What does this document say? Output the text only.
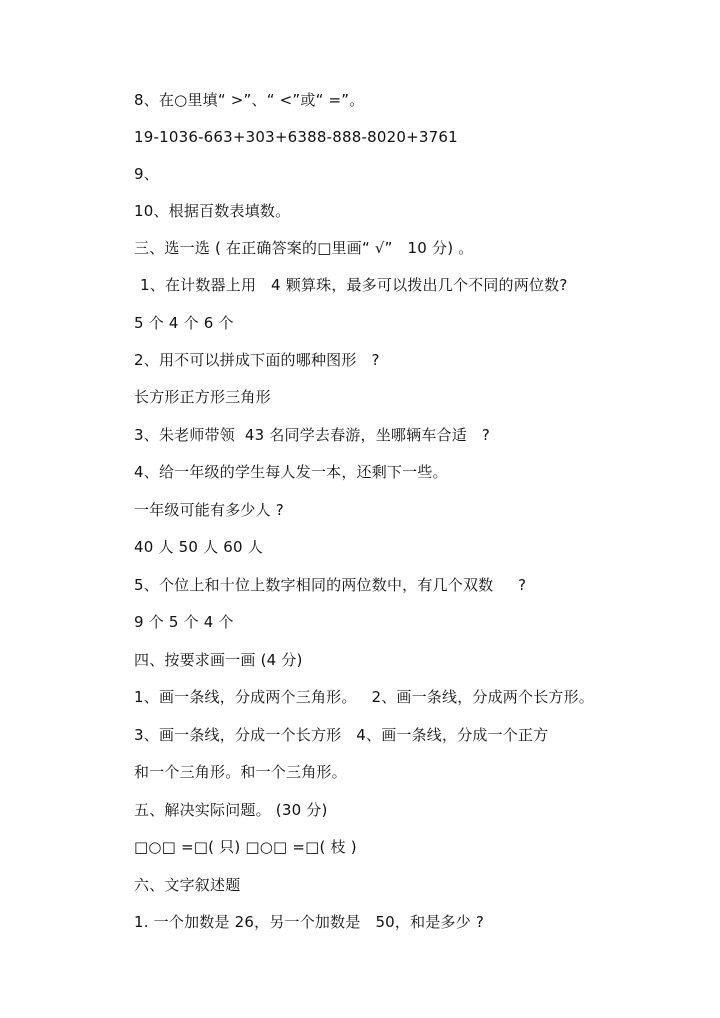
8、在○里填“ >”、“ <”或“ =”。
19-1036-663+303+6388-888-8020+3761
9、
10、根据百数表填数。
三、选一选 ( 在正确答案的□里画“ √”   10 分) 。
1、在计数器上用   4 颗算珠，最多可以拨出几个不同的两位数?
5 个 4 个 6 个
2、用不可以拼成下面的哪种图形   ?
长方形正方形三角形
3、朱老师带领  43 名同学去春游，坐哪辆车合适   ?
4、给一年级的学生每人发一本，还剩下一些。
一年级可能有多少人 ?
40 人 50 人 60 人
5、个位上和十位上数字相同的两位数中，有几个双数     ?
9 个 5 个 4 个
四、按要求画一画 (4 分)
1、画一条线，分成两个三角形。   2、画一条线，分成两个长方形。
3、画一条线，分成一个长方形   4、画一条线，分成一个正方
和一个三角形。和一个三角形。
五、解决实际问题。 (30 分)
□○□ =□( 只) □○□ =□( 枝 )
六、文字叙述题
1. 一个加数是 26，另一个加数是   50，和是多少 ?
